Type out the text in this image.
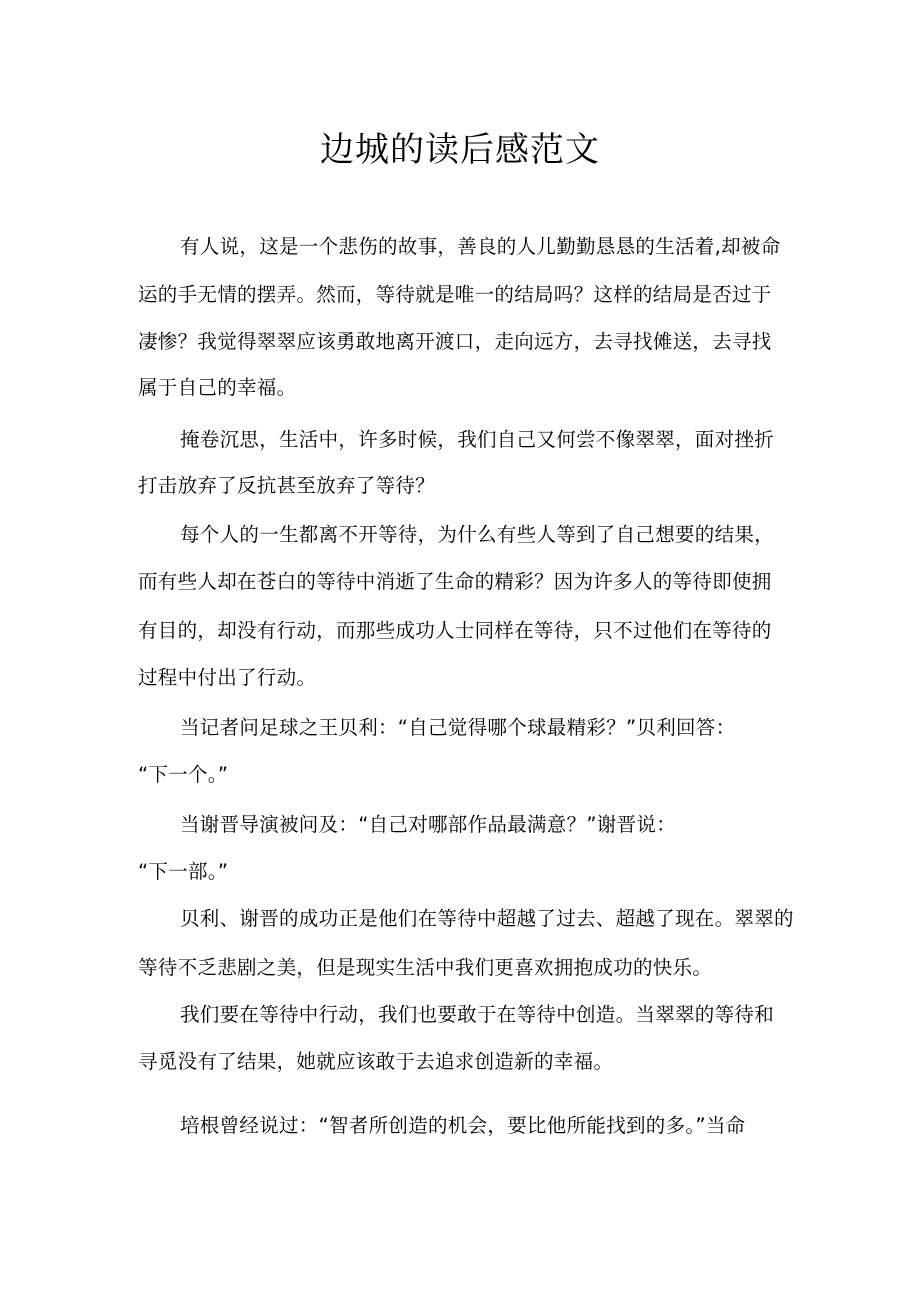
边城的读后感范文
有人说，这是一个悲伤的故事，善良的人儿勤勤恳恳的生活着,却被命
运的手无情的摆弄。然而，等待就是唯一的结局吗？这样的结局是否过于
凄惨？我觉得翠翠应该勇敢地离开渡口，走向远方，去寻找傩送，去寻找
属于自己的幸福。
掩卷沉思，生活中，许多时候，我们自己又何尝不像翠翠，面对挫折
打击放弃了反抗甚至放弃了等待？
每个人的一生都离不开等待，为什么有些人等到了自己想要的结果，
而有些人却在苍白的等待中消逝了生命的精彩？因为许多人的等待即使拥
有目的，却没有行动，而那些成功人士同样在等待，只不过他们在等待的
过程中付出了行动。
当记者问足球之王贝利：“自己觉得哪个球最精彩？”贝利回答：
“下一个。”
当谢晋导演被问及：“自己对哪部作品最满意？”谢晋说：
“下一部。”
贝利、谢晋的成功正是他们在等待中超越了过去、超越了现在。翠翠的
等待不乏悲剧之美，但是现实生活中我们更喜欢拥抱成功的快乐。
我们要在等待中行动，我们也要敢于在等待中创造。当翠翠的等待和
寻觅没有了结果，她就应该敢于去追求创造新的幸福。
培根曾经说过：“智者所创造的机会，要比他所能找到的多。”当命
